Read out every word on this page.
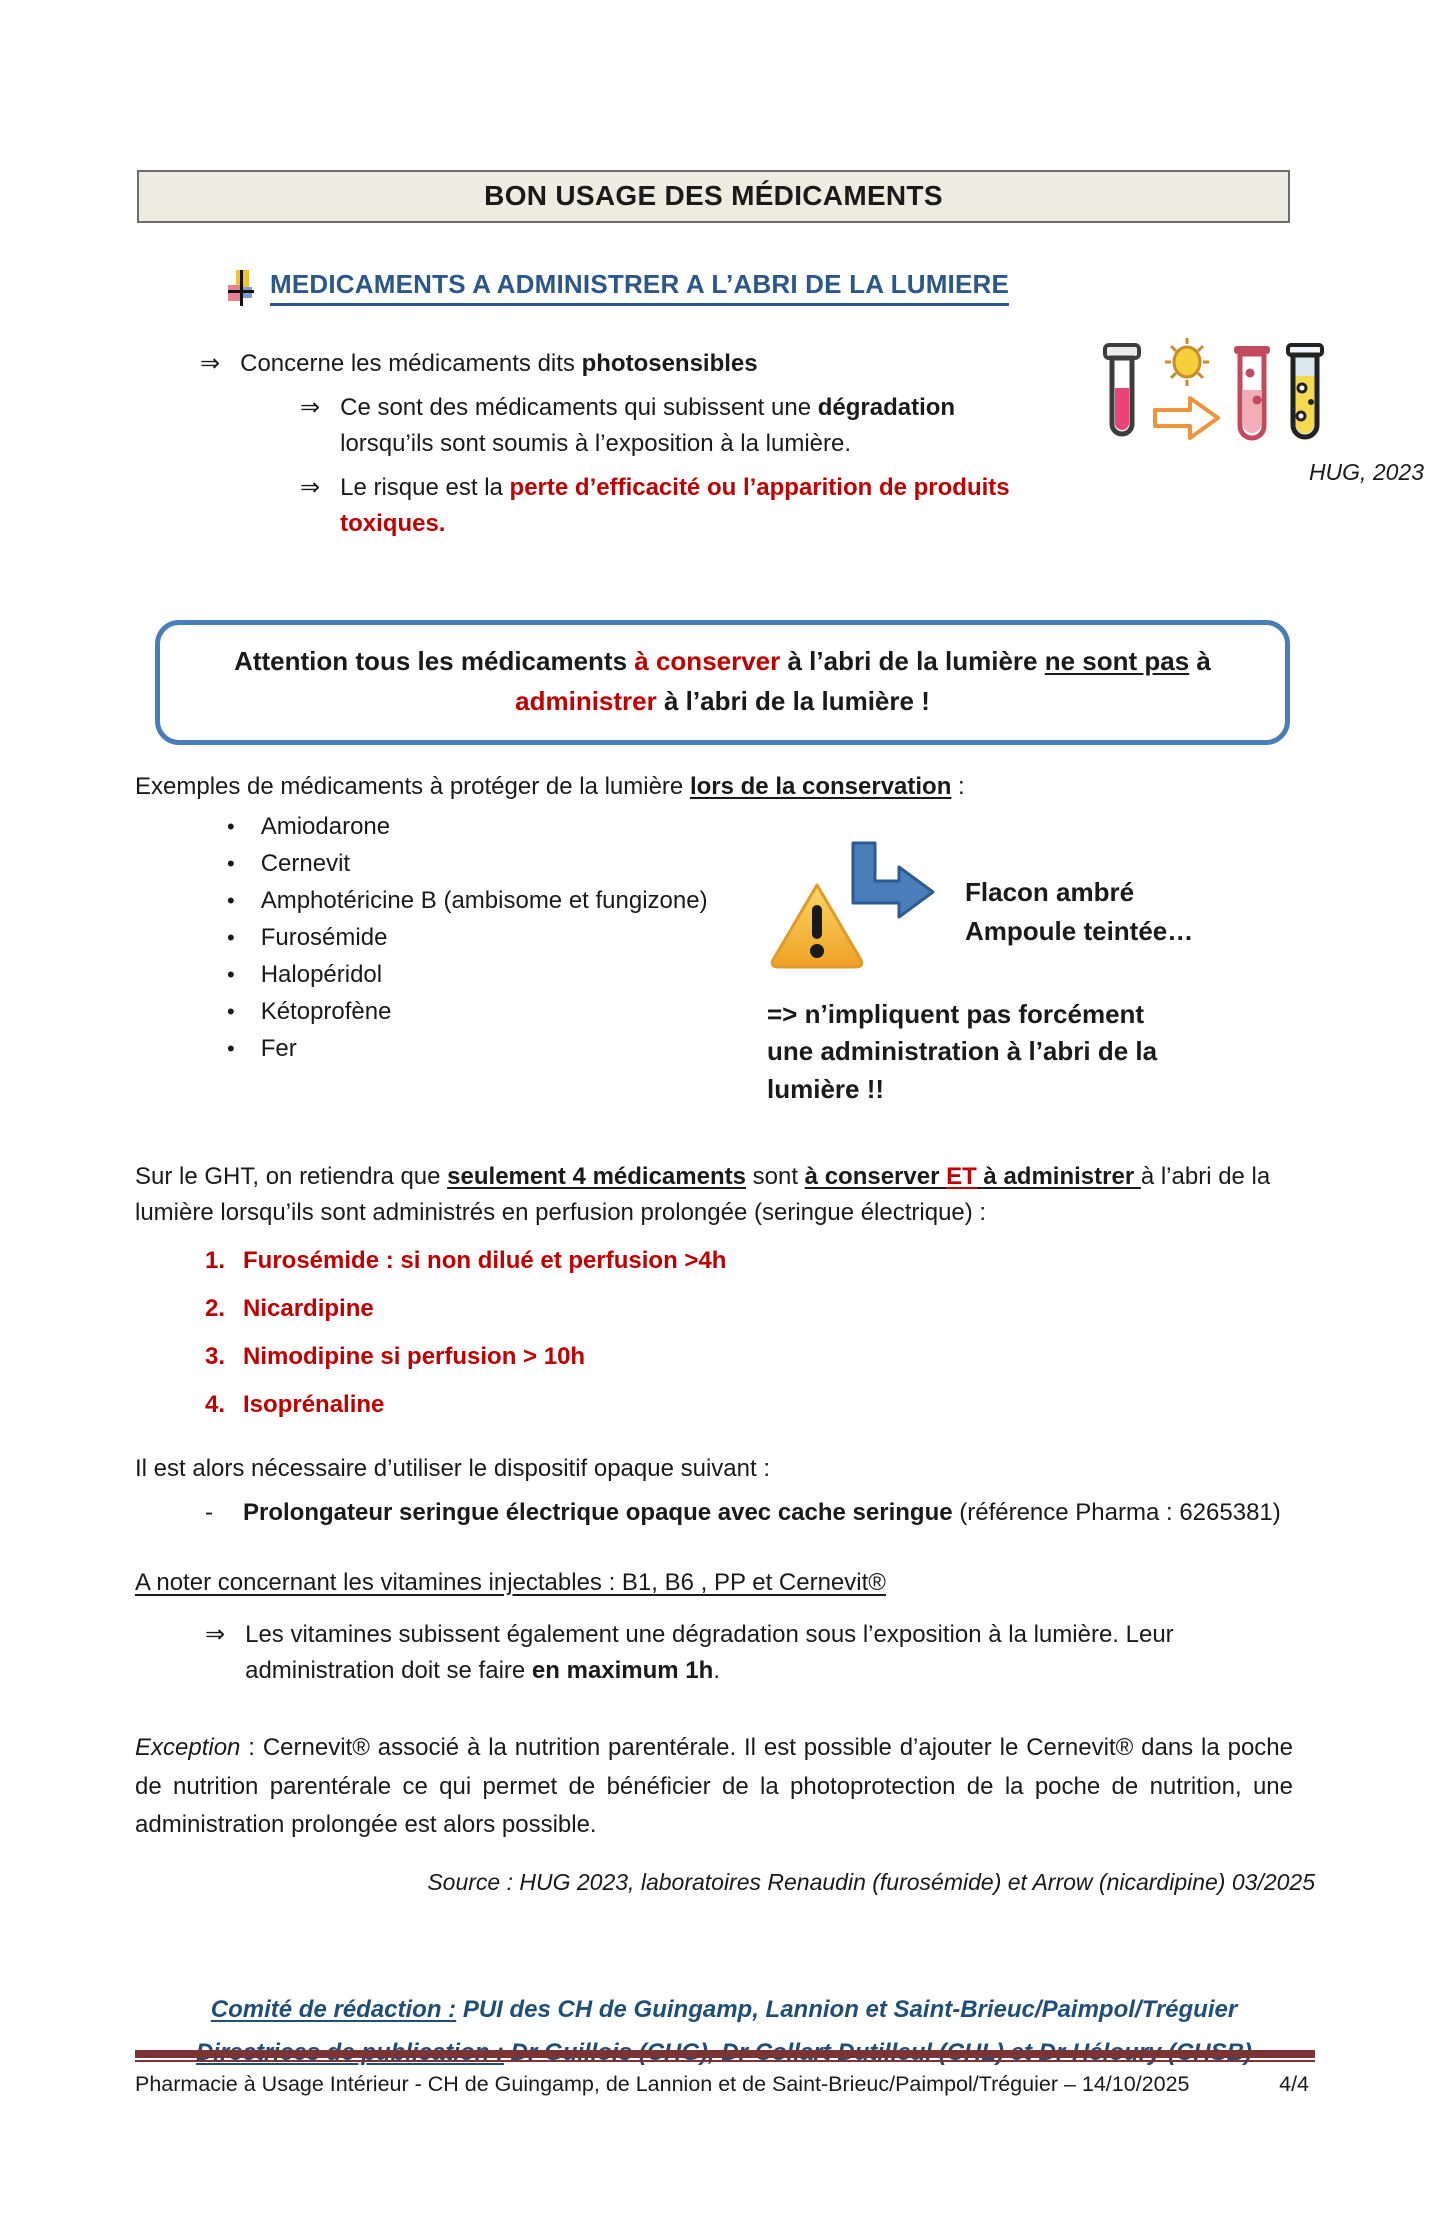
BON USAGE DES MÉDICAMENTS
MEDICAMENTS A ADMINISTRER A L’ABRI DE LA LUMIERE
⇒ Concerne les médicaments dits photosensibles
⇒ Ce sont des médicaments qui subissent une dégradation
lorsqu’ils sont soumis à l’exposition à la lumière.
⇒ Le risque est la perte d’efficacité ou l’apparition de produits toxiques.
HUG, 2023
Attention tous les médicaments à conserver à l’abri de la lumière ne sont pas à
administrer à l’abri de la lumière !
Exemples de médicaments à protéger de la lumière lors de la conservation :
• Amiodarone
• Cernevit
• Amphotéricine B (ambisome et fungizone)
• Furosémide
• Halopéridol
• Kétoprofène
• Fer
Flacon ambré
Ampoule teintée…
=> n’impliquent pas forcément une administration à l’abri de la lumière !!
Sur le GHT, on retiendra que seulement 4 médicaments sont à conserver ET à administrer à l’abri de la lumière lorsqu’ils sont administrés en perfusion prolongée (seringue électrique) :
1. Furosémide : si non dilué et perfusion >4h
2. Nicardipine
3. Nimodipine si perfusion > 10h
4. Isoprénaline
Il est alors nécessaire d’utiliser le dispositif opaque suivant :
- Prolongateur seringue électrique opaque avec cache seringue (référence Pharma : 6265381)
A noter concernant les vitamines injectables : B1, B6 , PP et Cernevit®
⇒ Les vitamines subissent également une dégradation sous l’exposition à la lumière. Leur
administration doit se faire en maximum 1h.
Exception : Cernevit® associé à la nutrition parentérale. Il est possible d’ajouter le Cernevit® dans la poche de nutrition parentérale ce qui permet de bénéficier de la photoprotection de la poche de nutrition, une administration prolongée est alors possible.
Source : HUG 2023, laboratoires Renaudin (furosémide) et Arrow (nicardipine) 03/2025
Comité de rédaction : PUI des CH de Guingamp, Lannion et Saint-Brieuc/Paimpol/Tréguier
Pharmacie à Usage Intérieur - CH de Guingamp, de Lannion et de Saint-Brieuc/Paimpol/Tréguier – 14/10/2025	4/4
